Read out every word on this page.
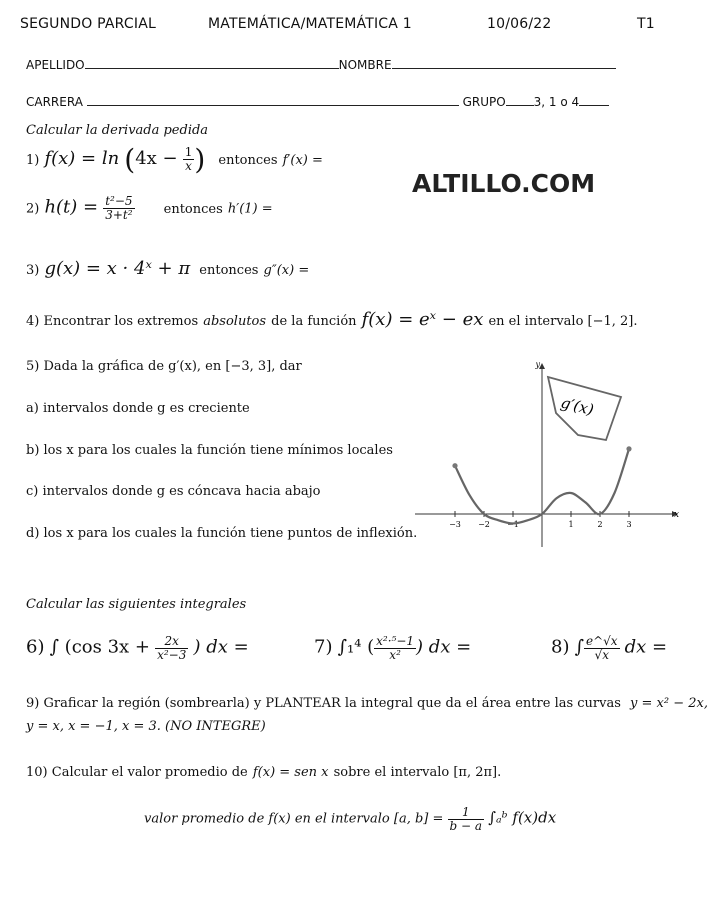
SEGUNDO PARCIAL	MATEMÁTICA/MATEMÁTICA 1	10/06/22	T1
APELLIDO	NOMBRE
CARRERA	GRUPO 3, 1 o 4
ALTILLO.COM
Calcular la derivada pedida
1) $f(x) = \ln (4x - \frac{1}{x}$ ) entonces f′(x) =
2) $h(t) = \frac{\text{t²−5}}{\text{3+t²}}$ entonces h′(1) =
3) g(x) = x · 4ˣ + π entonces g″(x) =
4) Encontrar los extremos absolutos de la función f(x) = eˣ − ex en el intervalo [−1, 2].
5) Dada la gráfica de g′(x), en [−3, 3], dar
a) intervalos donde g es creciente
b) los x para los cuales la función tiene mínimos locales
c) intervalos donde g es cóncava hacia abajo
d) los x para los cuales la función tiene puntos de inflexión.
y
x
−3 −2 −1	1	2	3
g′(x)
Calcular las siguientes integrales
6) ∫ (cos $3x + \frac{2x}{\text{x²−3}}$ ) dx =	7) ∫₁⁴ ( $\frac{\text{x²·⁵−1}}{\text{x²}}$ ) dx =	8) ∫ $\frac{e\^{}√x}{√x}$ dx =
9) Graficar la región (sombrearla) y PLANTEAR la integral que da el área entre las curvas y = x² − 2x,
y = x, x = −1, x = 3. (NO INTEGRE)
10) Calcular el valor promedio de f(x) = sen x sobre el intervalo [π, 2π].
valor promedio de f(x) en el intervalo [a, $b] = \frac{1}{b - a}$ ∫ₐᵇ f(x)dx
